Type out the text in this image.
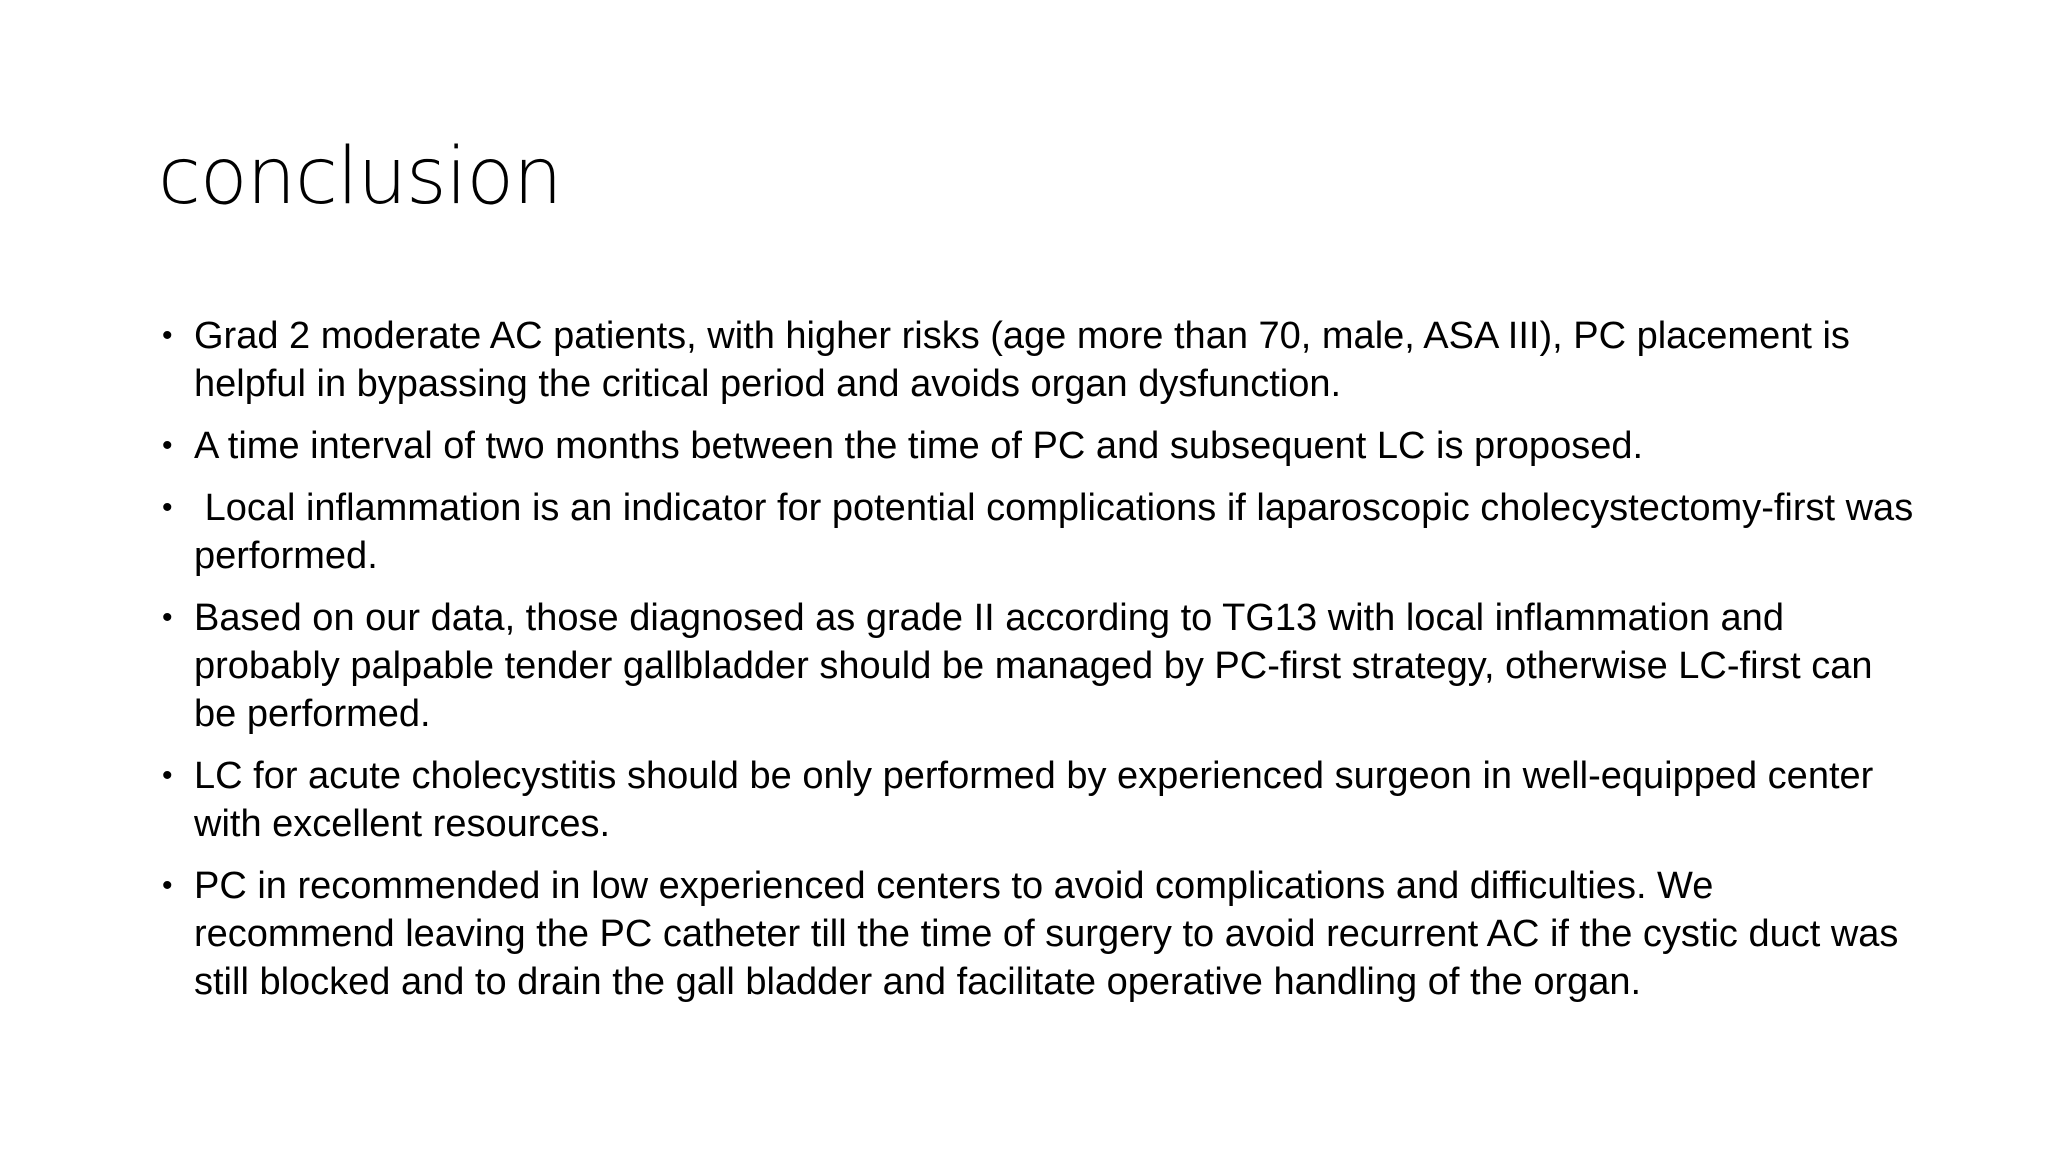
conclusion
• Grad 2 moderate AC patients, with higher risks (age more than 70, male, ASA III), PC placement is helpful in bypassing the critical period and avoids organ dysfunction.
• A time interval of two months between the time of PC and subsequent LC is proposed.
• Local inflammation is an indicator for potential complications if laparoscopic cholecystectomy-first was performed.
• Based on our data, those diagnosed as grade II according to TG13 with local inflammation and probably palpable tender gallbladder should be managed by PC-first strategy, otherwise LC-first can be performed.
• LC for acute cholecystitis should be only performed by experienced surgeon in well-equipped center with excellent resources.
• PC in recommended in low experienced centers to avoid complications and difficulties. We recommend leaving the PC catheter till the time of surgery to avoid recurrent AC if the cystic duct was still blocked and to drain the gall bladder and facilitate operative handling of the organ.
